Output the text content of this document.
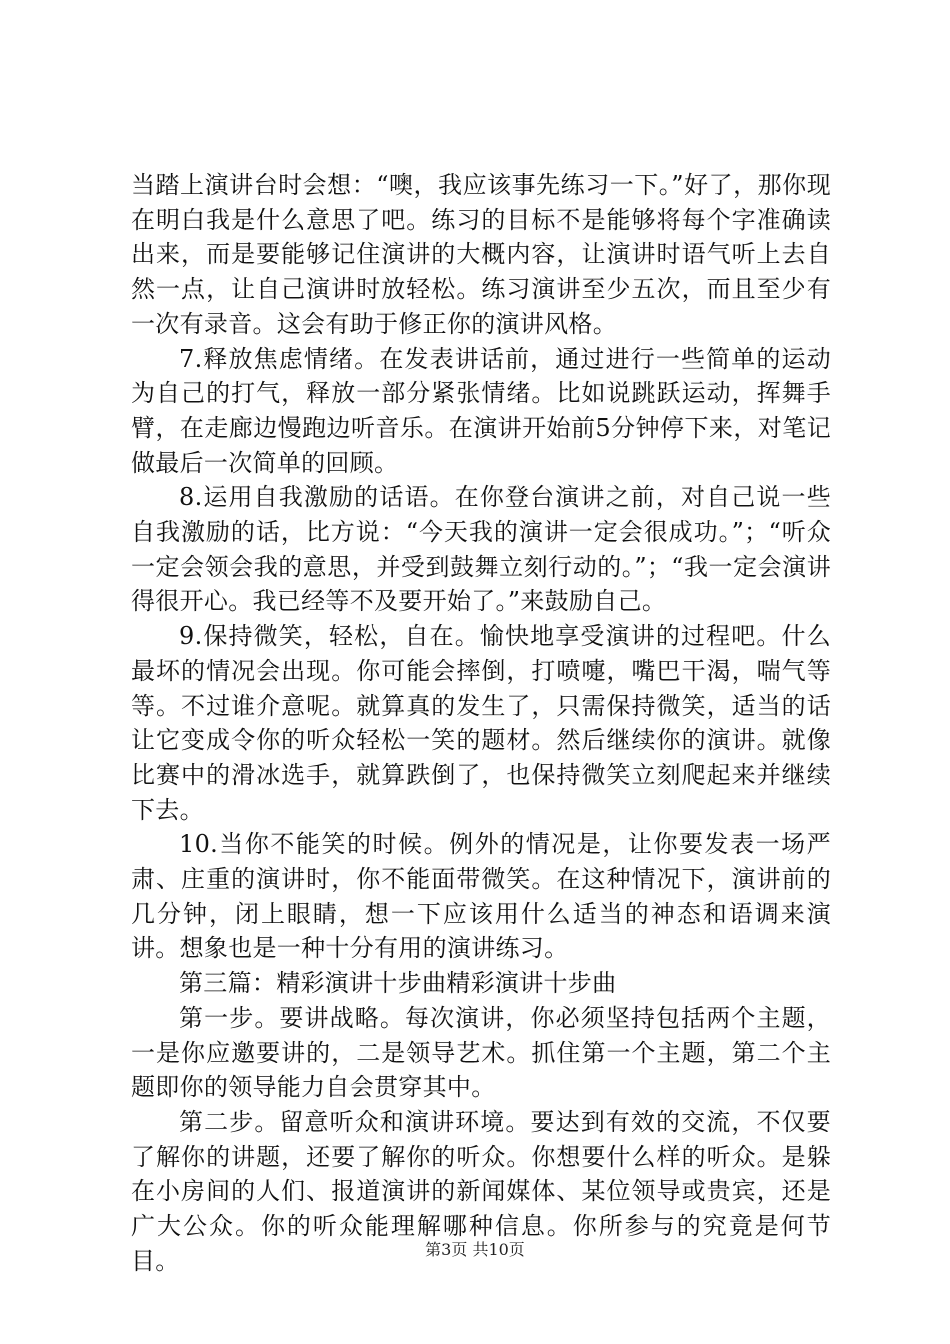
当踏上演讲台时会想：“噢，我应该事先练习一下。”好了，那你现在明白我是什么意思了吧。练习的目标不是能够将每个字准确读出来，而是要能够记住演讲的大概内容，让演讲时语气听上去自然一点，让自己演讲时放轻松。练习演讲至少五次，而且至少有一次有录音。这会有助于修正你的演讲风格。

7.释放焦虑情绪。在发表讲话前，通过进行一些简单的运动为自己的打气，释放一部分紧张情绪。比如说跳跃运动，挥舞手臂，在走廊边慢跑边听音乐。在演讲开始前5分钟停下来，对笔记做最后一次简单的回顾。

8.运用自我激励的话语。在你登台演讲之前，对自己说一些自我激励的话，比方说：“今天我的演讲一定会很成功。”；“听众一定会领会我的意思，并受到鼓舞立刻行动的。”；“我一定会演讲得很开心。我已经等不及要开始了。”来鼓励自己。

9.保持微笑，轻松，自在。愉快地享受演讲的过程吧。什么最坏的情况会出现。你可能会摔倒，打喷嚏，嘴巴干渴，喘气等等。不过谁介意呢。就算真的发生了，只需保持微笑，适当的话让它变成令你的听众轻松一笑的题材。然后继续你的演讲。就像比赛中的滑冰选手，就算跌倒了，也保持微笑立刻爬起来并继续下去。

10.当你不能笑的时候。例外的情况是，让你要发表一场严肃、庄重的演讲时，你不能面带微笑。在这种情况下，演讲前的几分钟，闭上眼睛，想一下应该用什么适当的神态和语调来演讲。想象也是一种十分有用的演讲练习。

第三篇：精彩演讲十步曲精彩演讲十步曲

第一步。要讲战略。每次演讲，你必须坚持包括两个主题，一是你应邀要讲的，二是领导艺术。抓住第一个主题，第二个主题即你的领导能力自会贯穿其中。

第二步。留意听众和演讲环境。要达到有效的交流，不仅要了解你的讲题，还要了解你的听众。你想要什么样的听众。是躲在小房间的人们、报道演讲的新闻媒体、某位领导或贵宾，还是广大公众。你的听众能理解哪种信息。你所参与的究竟是何节目。	第3页 共10页
